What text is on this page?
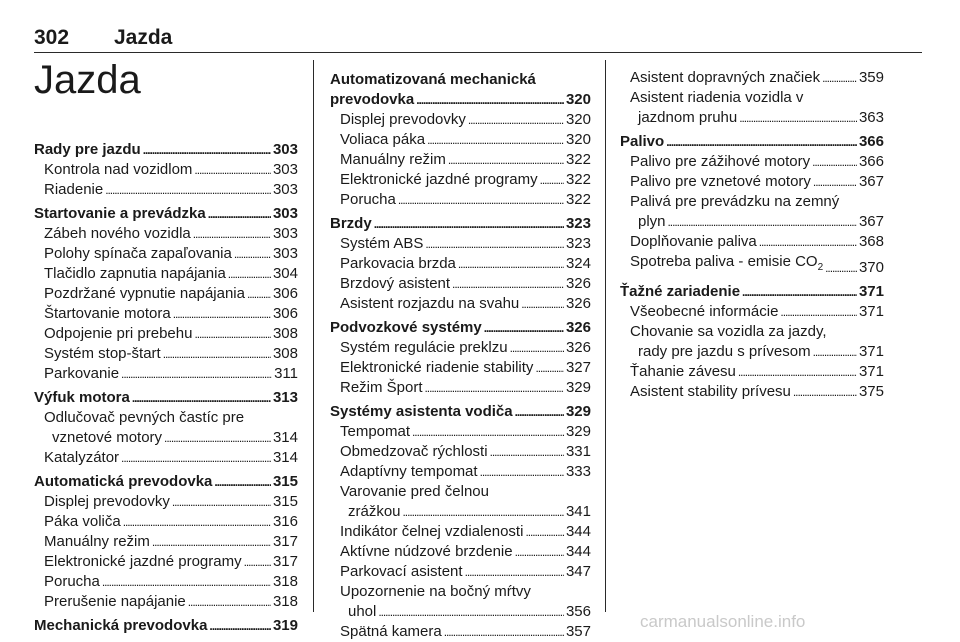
302 Jazda
Jazda
Rady pre jazdu . . .	303
Kontrola nad vozidlom . . .	303
Riadenie . . .	303
Startovanie a prevádzka . . .	303
Zábeh nového vozidla . . .	303
Polohy spínača zapaľovania . . .	303
Tlačidlo zapnutia napájania . . .	304
Pozdržané vypnutie napájania . . . 306
Štartovanie motora . . .	306
Odpojenie pri prebehu . . .	308
Systém stop-štart . . .	308
Parkovanie . . .	311
Výfuk motora . . .	313
Odlučovač pevných častíc pre
vznetové motory . . .	314
Katalyzátor . . .	314
Automatická prevodovka . . .	315
Displej prevodovky . . .	315
Páka voliča . . .	316
Manuálny režim . . .	317
Elektronické jazdné programy . . . 317
Porucha . . .	318
Prerušenie napájanie . . .	318
Mechanická prevodovka . . .	319
Automatizovaná mechanická
prevodovka . . .	320
Displej prevodovky . . .	320
Voliaca páka . . .	320
Manuálny režim . . .	322
Elektronické jazdné programy . . . 322
Porucha . . .	322
Brzdy . . .	323
Systém ABS . . .	323
Parkovacia brzda . . .	324
Brzdový asistent . . .	326
Asistent rozjazdu na svahu . . .	326
Podvozkové systémy . . .	326
Systém regulácie preklzu . . .	326
Elektronické riadenie stability . . . 327
Režim Šport . . .	329
Systémy asistenta vodiča . . .	329
Tempomat . . .	329
Obmedzovač rýchlosti . . .	331
Adaptívny tempomat . . .	333
Varovanie pred čelnou
zrážkou . . .	341
Indikátor čelnej vzdialenosti . . .	344
Aktívne núdzové brzdenie . . .	344
Parkovací asistent . . .	347
Upozornenie na bočný mŕtvy
uhol . . .	356
Spätná kamera . . .	357
Asistent dopravných značiek . . .	359
Asistent riadenia vozidla v
jazdnom pruhu . . .	363
Palivo . . .	366
Palivo pre zážihové motory . . .	366
Palivo pre vznetové motory . . .	367
Palivá pre prevádzku na zemný
plyn . . .	367
Doplňovanie paliva . . .	368
Spotreba paliva - emisie $CO_2$ . . . 370
Ťažné zariadenie . . .	371
Všeobecné informácie . . .	371
Chovanie sa vozidla za jazdy,
rady pre jazdu s prívesom . . .	371
Ťahanie závesu . . .	371
Asistent stability prívesu . . .	375
carmanualsonline.info
